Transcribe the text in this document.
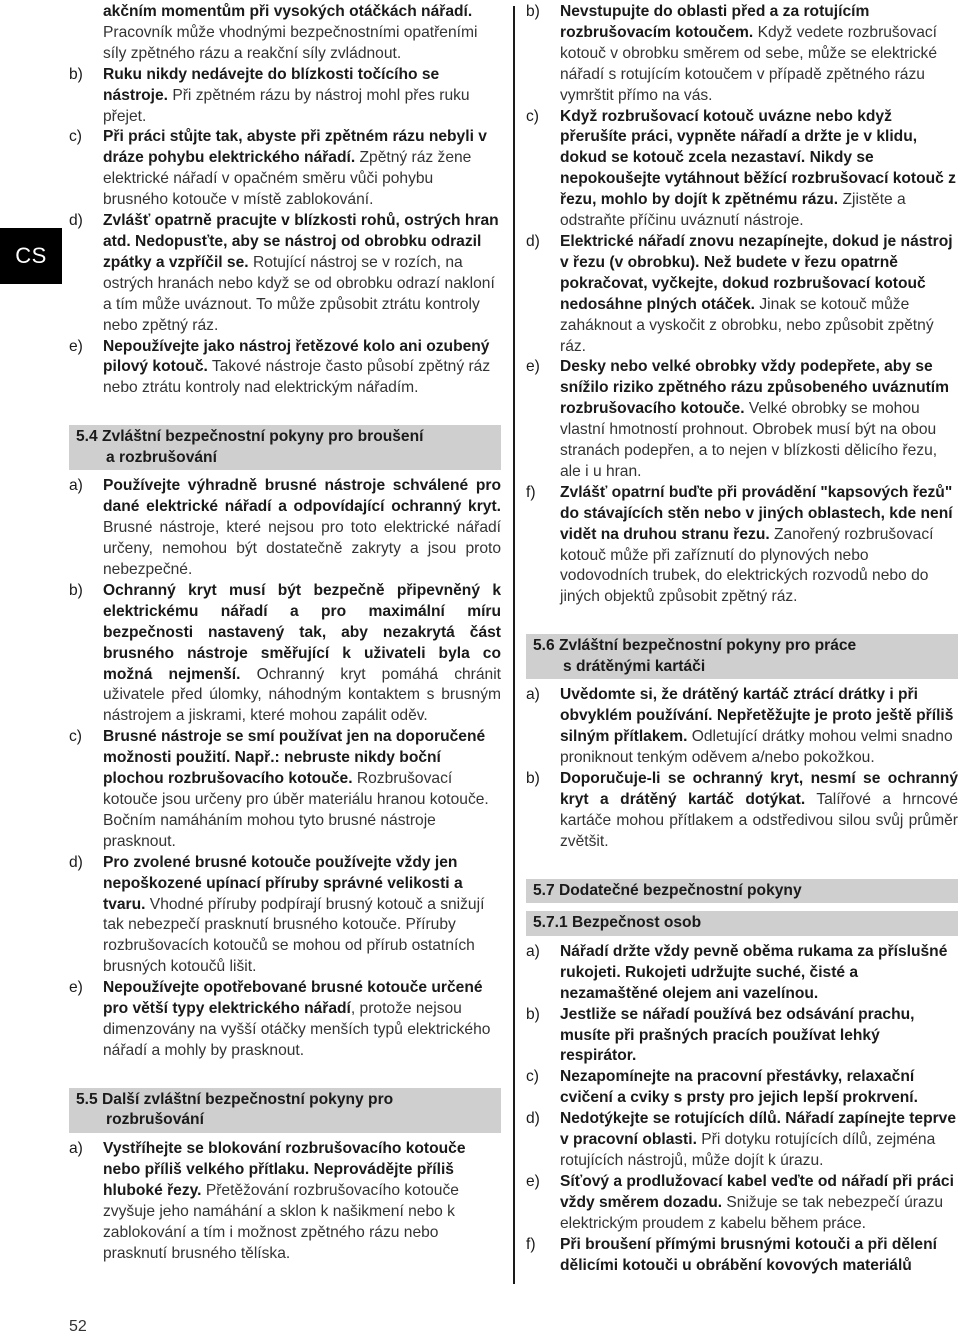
CS

akčním momentům při vysokých otáčkách nářadí.
Pracovník může vhodnými bezpečnostními opatřeními síly zpětného rázu a reakční síly zvládnout.

b) Ruku nikdy nedávejte do blízkosti točícího se nástroje. Při zpětném rázu by nástroj mohl přes ruku přejet.

c) Při práci stůjte tak, abyste při zpětném rázu nebyli v dráze pohybu elektrického nářadí. Zpětný ráz žene elektrické nářadí v opačném směru vůči pohybu brusného kotouče v místě zablokování.

d) Zvlášť opatrně pracujte v blízkosti rohů, ostrých hran atd. Nedopusťte, aby se nástroj od obrobku odrazil zpátky a vzpříčil se. Rotující nástroj se v rozích, na ostrých hranách nebo když se od obrobku odrazí nakloní a tím může uváznout. To může způsobit ztrátu kontroly nebo zpětný ráz.

e) Nepoužívejte jako nástroj řetězové kolo ani ozubený pilový kotouč. Takové nástroje často působí zpětný ráz nebo ztrátu kontroly nad elektrickým nářadím.

5.4 Zvláštní bezpečnostní pokyny pro broušení
a rozbrušování

a) Používejte výhradně brusné nástroje schválené pro dané elektrické nářadí a odpovídající ochranný kryt. Brusné nástroje, které nejsou pro toto elektrické nářadí určeny, nemohou být dostatečně zakryty a jsou proto nebezpečné.

b) Ochranný kryt musí být bezpečně připevněný k elektrickému nářadí a pro maximální míru bezpečnosti nastavený tak, aby nezakrytá část brusného nástroje směřující k uživateli byla co možná nejmenší. Ochranný kryt pomáhá chránit uživatele před úlomky, náhodným kontaktem s brusným nástrojem a jiskrami, které mohou zapálit oděv.

c) Brusné nástroje se smí používat jen na doporučené možnosti použití. Např.: nebruste nikdy boční plochou rozbrušovacího kotouče. Rozbrušovací kotouče jsou určeny pro úběr materiálu hranou kotouče. Bočním namáháním mohou tyto brusné nástroje prasknout.

d) Pro zvolené brusné kotouče používejte vždy jen nepoškozené upínací příruby správné velikosti a tvaru. Vhodné příruby podpírají brusný kotouč a snižují tak nebezpečí prasknutí brusného kotouče. Příruby rozbrušovacích kotoučů se mohou od přírub ostatních brusných kotoučů lišit.

e) Nepoužívejte opotřebované brusné kotouče určené pro větší typy elektrického nářadí, protože nejsou dimenzovány na vyšší otáčky menších typů elektrického nářadí a mohly by prasknout.

5.5 Další zvláštní bezpečnostní pokyny pro
rozbrušování

a) Vystříhejte se blokování rozbrušovacího kotouče nebo příliš velkého přítlaku. Neprovádějte příliš hluboké řezy. Přetěžování rozbrušovacího kotouče zvyšuje jeho namáhání a sklon k našikmení nebo k zablokování a tím i možnost zpětného rázu nebo prasknutí brusného tělíska.

b) Nevstupujte do oblasti před a za rotujícím rozbrušovacím kotoučem. Když vedete rozbrušovací kotouč v obrobku směrem od sebe, může se elektrické nářadí s rotujícím kotoučem v případě zpětného rázu vymrštit přímo na vás.

c) Když rozbrušovací kotouč uvázne nebo když přerušíte práci, vypněte nářadí a držte je v klidu, dokud se kotouč zcela nezastaví. Nikdy se nepokoušejte vytáhnout běžící rozbrušovací kotouč z řezu, mohlo by dojít k zpětnému rázu. Zjistěte a odstraňte příčinu uváznutí nástroje.

d) Elektrické nářadí znovu nezapínejte, dokud je nástroj v řezu (v obrobku). Než budete v řezu opatrně pokračovat, vyčkejte, dokud rozbrušovací kotouč nedosáhne plných otáček. Jinak se kotouč může zaháknout a vyskočit z obrobku, nebo způsobit zpětný ráz.

e) Desky nebo velké obrobky vždy podepřete, aby se snížilo riziko zpětného rázu způsobeného uváznutím rozbrušovacího kotouče. Velké obrobky se mohou vlastní hmotností prohnout. Obrobek musí být na obou stranách podepřen, a to nejen v blízkosti dělicího řezu, ale i u hran.

f) Zvlášť opatrní buďte při provádění "kapsových řezů" do stávajících stěn nebo v jiných oblastech, kde není vidět na druhou stranu řezu. Zanořený rozbrušovací kotouč může při zaříznutí do plynových nebo vodovodních trubek, do elektrických rozvodů nebo do jiných objektů způsobit zpětný ráz.

5.6 Zvláštní bezpečnostní pokyny pro práce
s drátěnými kartáči

a) Uvědomte si, že drátěný kartáč ztrácí drátky i při obvyklém používání. Nepřetěžujte je proto ještě příliš silným přítlakem. Odletující drátky mohou velmi snadno proniknout tenkým oděvem a/nebo pokožkou.

b) Doporučuje-li se ochranný kryt, nesmí se ochranný kryt a drátěný kartáč dotýkat. Talířové a hrncové kartáče mohou přítlakem a odstředivou silou svůj průměr zvětšit.

5.7 Dodatečné bezpečnostní pokyny

5.7.1 Bezpečnost osob

a) Nářadí držte vždy pevně oběma rukama za příslušné rukojeti. Rukojeti udržujte suché, čisté a nezamaštěné olejem ani vazelínou.

b) Jestliže se nářadí používá bez odsávání prachu, musíte při prašných pracích používat lehký respirátor.

c) Nezapomínejte na pracovní přestávky, relaxační cvičení a cviky s prsty pro jejich lepší prokrvení.

d) Nedotýkejte se rotujících dílů. Nářadí zapínejte teprve v pracovní oblasti. Při dotyku rotujících dílů, zejména rotujících nástrojů, může dojít k úrazu.

e) Síťový a prodlužovací kabel veďte od nářadí při práci vždy směrem dozadu. Snižuje se tak nebezpečí úrazu elektrickým proudem z kabelu během práce.

f) Při broušení přímými brusnými kotouči a při dělení dělicími kotouči u obrábění kovových materiálů

52
